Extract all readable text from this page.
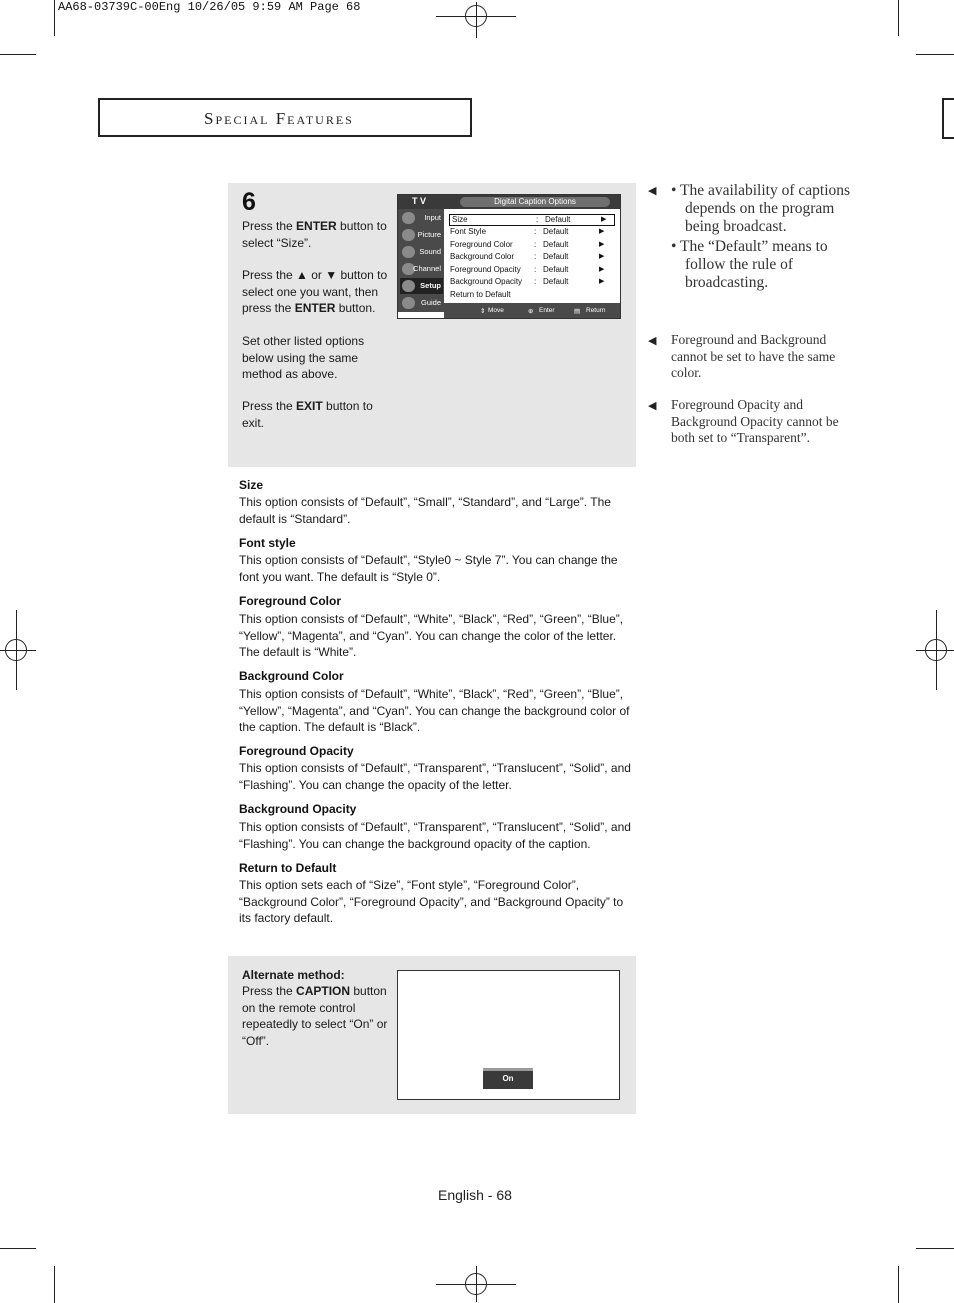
AA68-03739C-00Eng 10/26/05 9:59 AM Page 68
Special Features
6
Press the ENTER button to select “Size”.
Press the ▲ or ▼ button to select one you want, then press the ENTER button.
Set other listed options below using the same method as above.
Press the EXIT button to exit.
T V	Digital Caption Options
Input
Picture
Sound
Channel
Setup
Guide
Size	: Default	▶
Font Style	: Default	▶
Foreground Color	: Default	▶
Background Color : Default	▶
Foreground Opacity : Default	▶
Background Opacity : Default	▶
Return to Default
⇕ Move	⊕ Enter	▤ Return
◀ • The availability of captions depends on the program being broadcast.
• The “Default” means to follow the rule of broadcasting.
◀ Foreground and Background cannot be set to have the same color.
◀ Foreground Opacity and Background Opacity cannot be both set to “Transparent”.
Size
This option consists of “Default”, “Small”, “Standard”, and “Large”. The default is “Standard”.
Font style
This option consists of “Default”, “Style0 ~ Style 7”. You can change the font you want. The default is “Style 0”.
Foreground Color
This option consists of “Default”, “White”, “Black”, “Red”, “Green”, “Blue”, “Yellow”, “Magenta”, and “Cyan”. You can change the color of the letter. The default is “White”.
Background Color
This option consists of “Default”, “White”, “Black”, “Red”, “Green”, “Blue”, “Yellow”, “Magenta”, and “Cyan”. You can change the background color of the caption. The default is “Black”.
Foreground Opacity
This option consists of “Default”, “Transparent”, “Translucent”, “Solid”, and “Flashing”. You can change the opacity of the letter.
Background Opacity
This option consists of “Default”, “Transparent”, “Translucent”, “Solid”, and “Flashing”. You can change the background opacity of the caption.
Return to Default
This option sets each of “Size”, “Font style”, “Foreground Color”, “Background Color”, “Foreground Opacity”, and “Background Opacity” to its factory default.
Alternate method:
Press the CAPTION button on the remote control repeatedly to select “On” or “Off”.
On
English - 68
